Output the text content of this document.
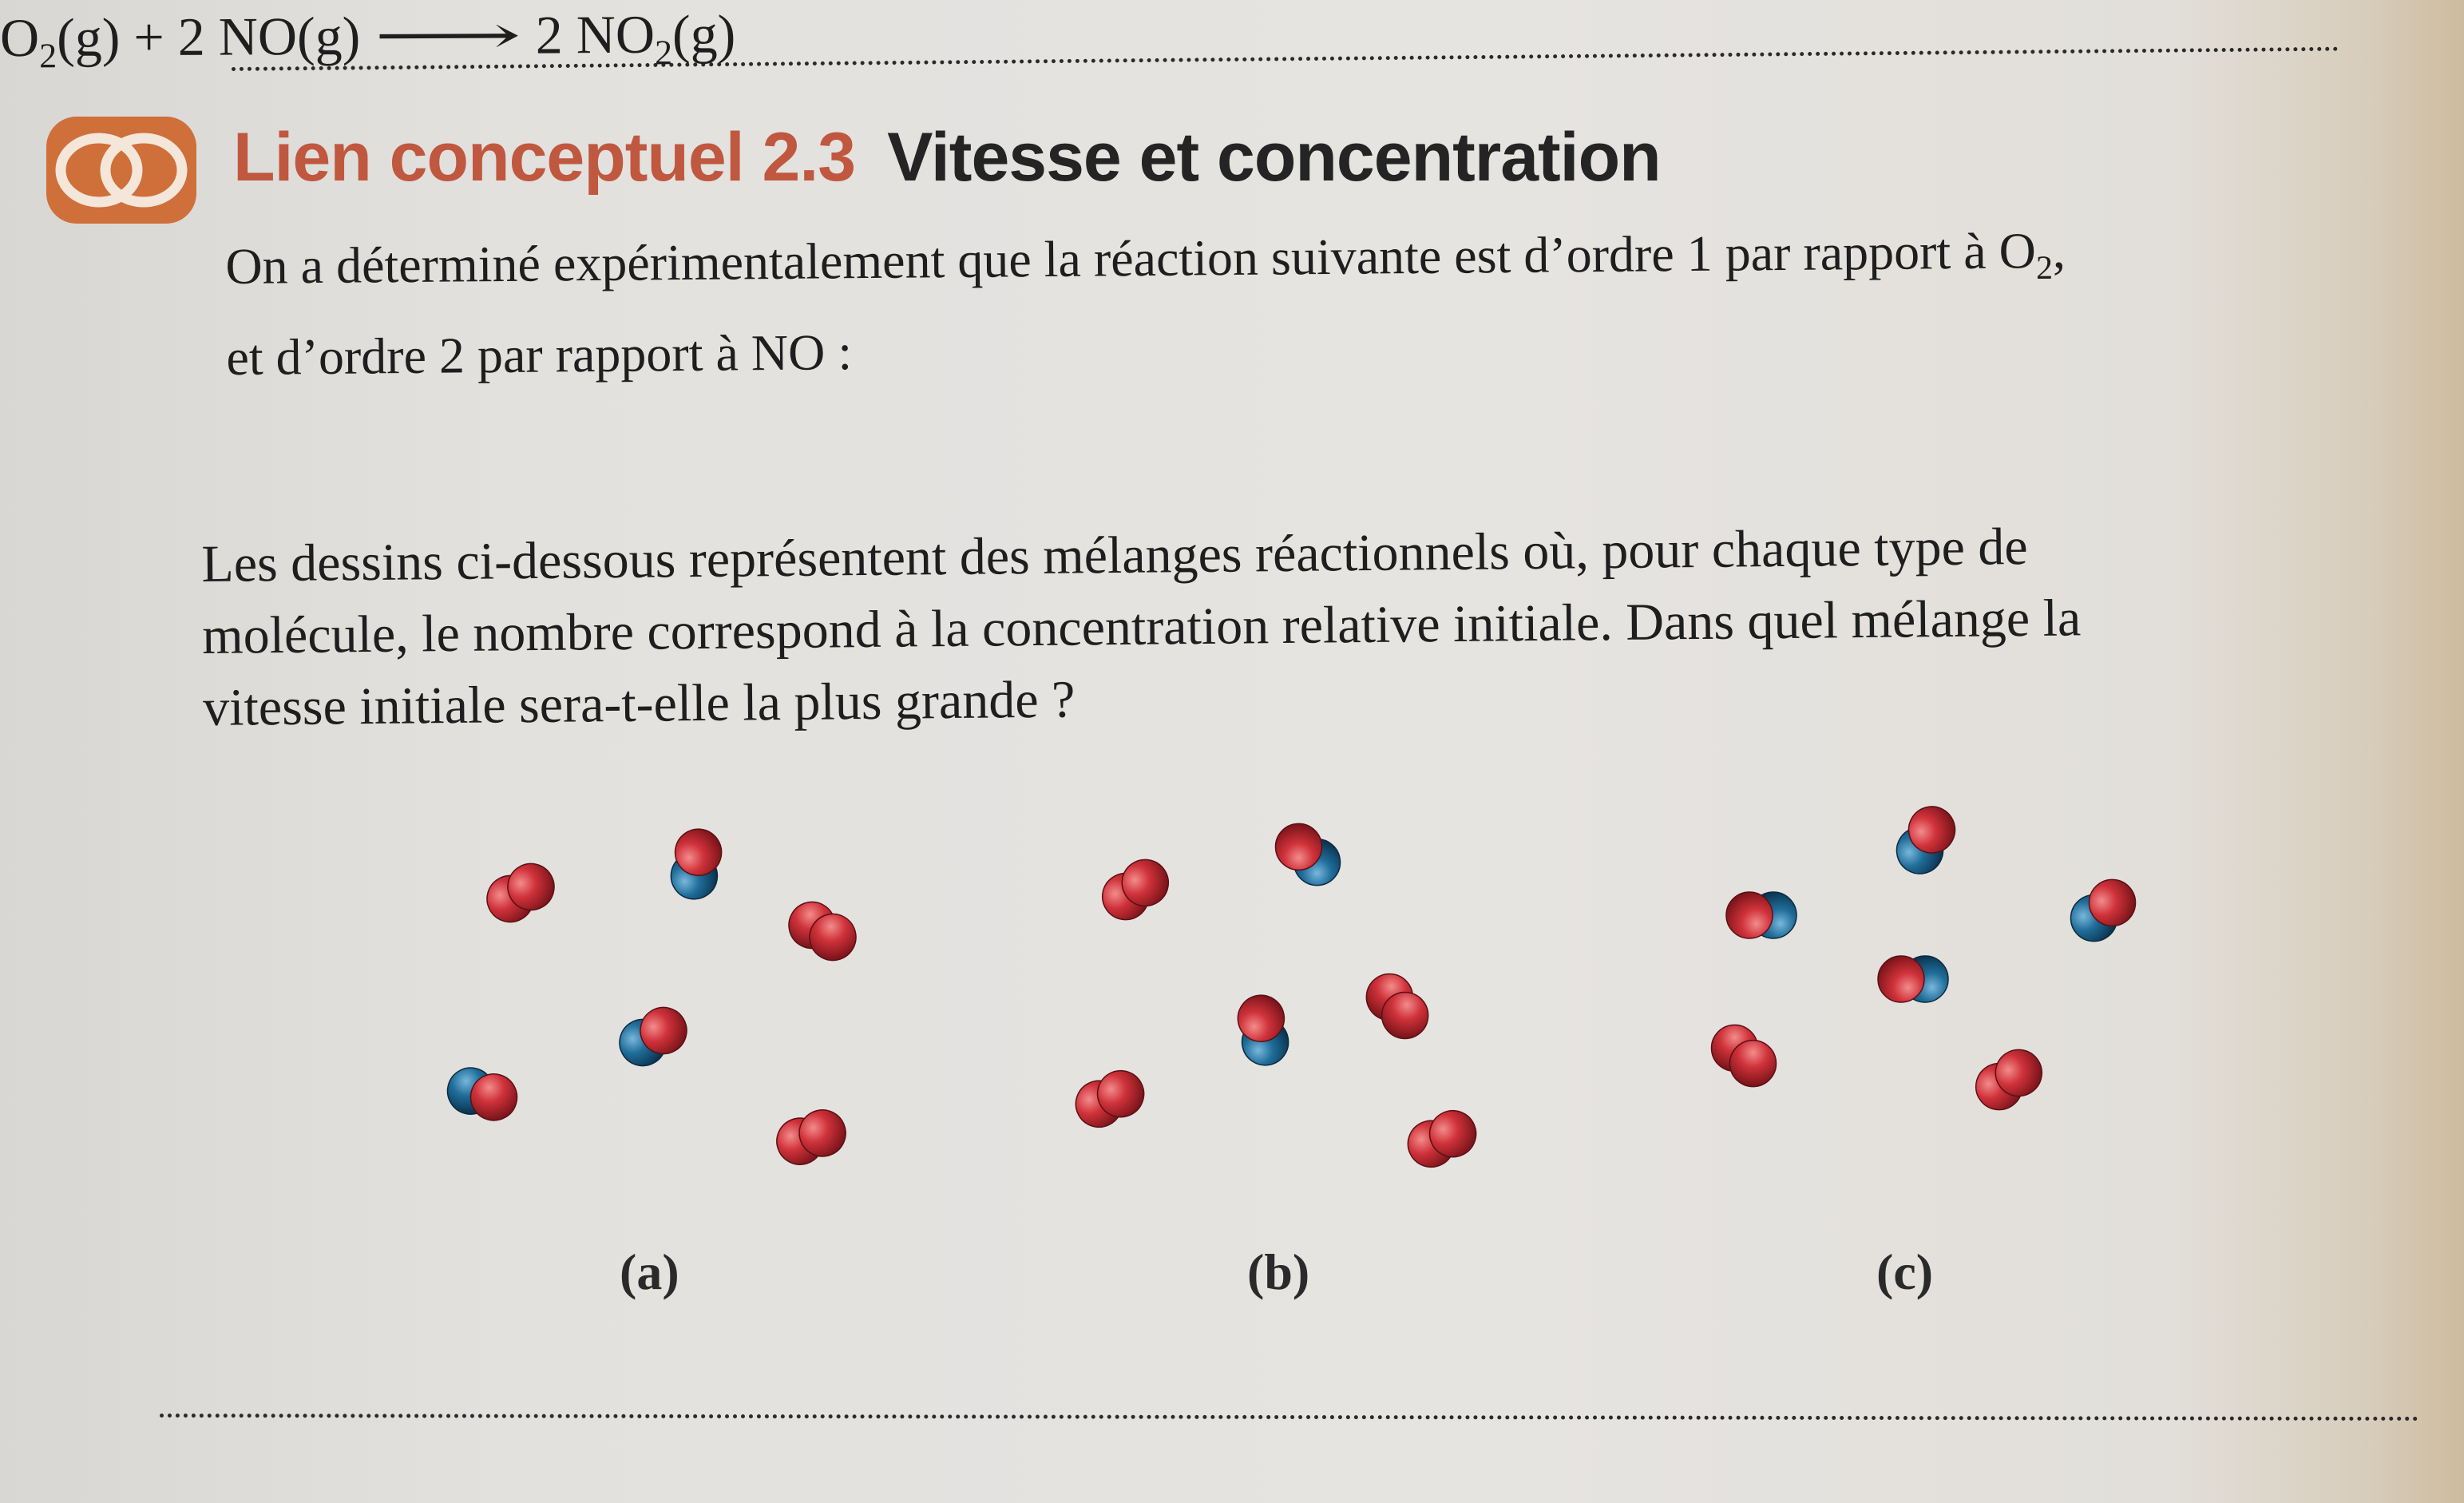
Lien conceptuel 2.3 Vitesse et concentration
On a déterminé expérimentalement que la réaction suivante est d’ordre 1 par rapport à $O_2$,
et d’ordre 2 par rapport à NO :
$O_2(g) + 2$ NO(g) ⟶ 2 $NO_2(g)$
Les dessins ci-dessous représentent des mélanges réactionnels où, pour chaque type de
molécule, le nombre correspond à la concentration relative initiale. Dans quel mélange la
vitesse initiale sera-t-elle la plus grande ?
(a)	(b)	(c)
